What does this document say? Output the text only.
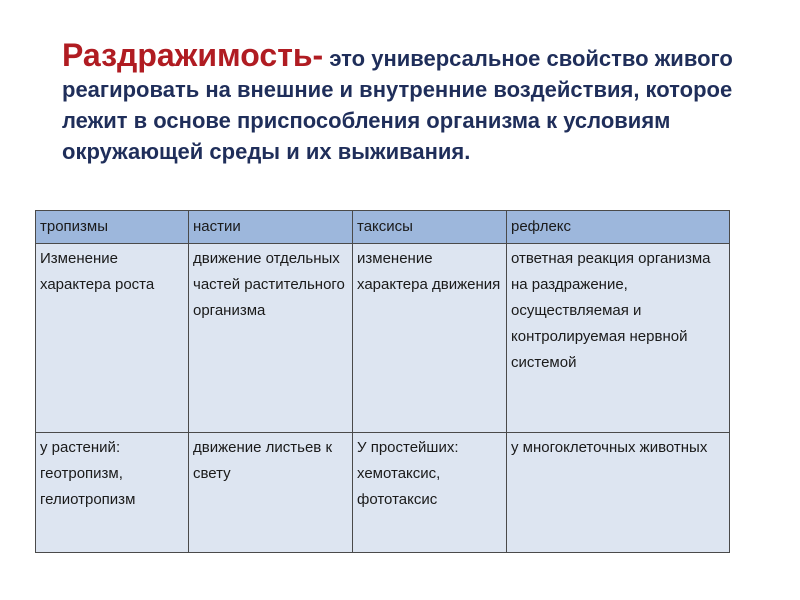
Раздражимость- это универсальное свойство живого реагировать на внешние и внутренние воздействия, которое лежит в основе приспособления организма к условиям окружающей среды и их выживания.

тропизмы	настии	таксисы	рефлекс
Изменение характера роста	движение отдельных частей растительного организма	изменение характера движения	ответная реакция организма на раздражение, осуществляемая и контролируемая нервной системой
у растений: геотропизм, гелиотропизм	движение листьев к свету	У простейших: хемотаксис, фототаксис	у многоклеточных животных
